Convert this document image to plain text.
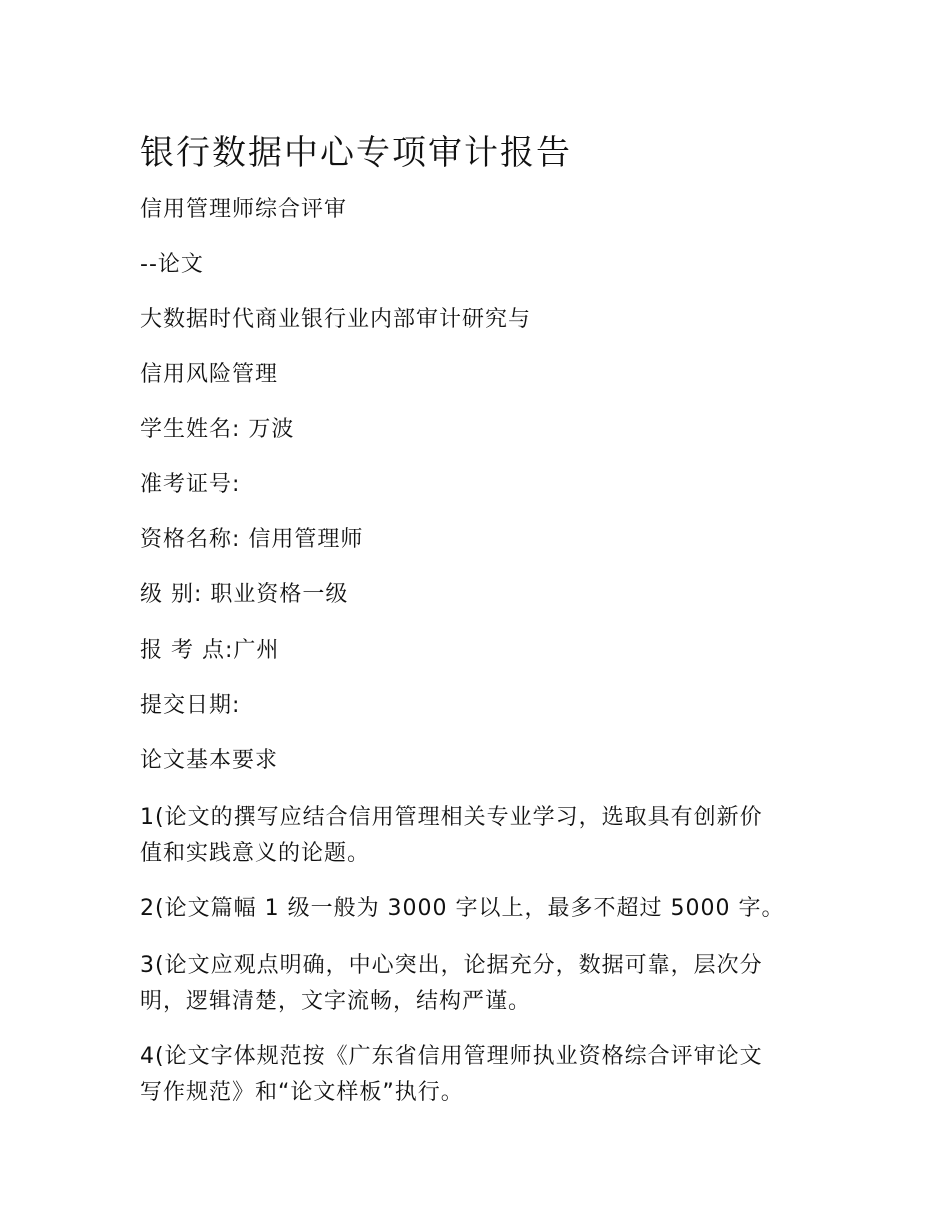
银行数据中心专项审计报告

信用管理师综合评审

--论文

大数据时代商业银行业内部审计研究与

信用风险管理

学生姓名: 万波

准考证号:

资格名称: 信用管理师

级 别: 职业资格一级

报 考 点:广州

提交日期:

论文基本要求

1(论文的撰写应结合信用管理相关专业学习，选取具有创新价
值和实践意义的论题。
2(论文篇幅 1 级一般为 3000 字以上，最多不超过 5000 字。
3(论文应观点明确，中心突出，论据充分，数据可靠，层次分
明，逻辑清楚，文字流畅，结构严谨。
4(论文字体规范按《广东省信用管理师执业资格综合评审论文
写作规范》和“论文样板”执行。
